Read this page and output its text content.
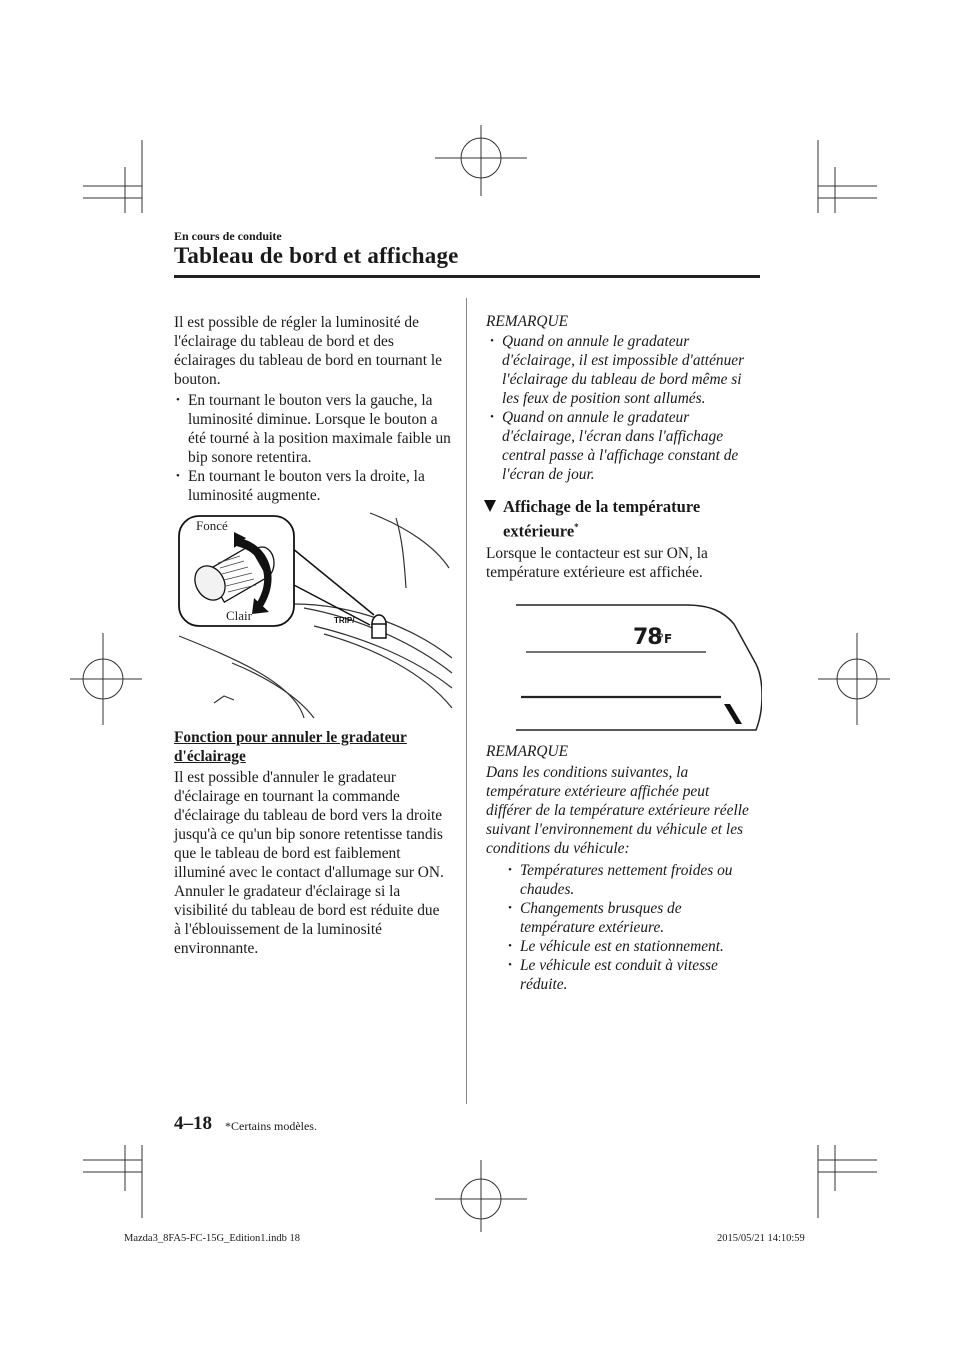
En cours de conduite
Tableau de bord et affichage
Il est possible de régler la luminosité de l'éclairage du tableau de bord et des éclairages du tableau de bord en tournant le bouton.
• En tournant le bouton vers la gauche, la luminosité diminue. Lorsque le bouton a été tourné à la position maximale faible un bip sonore retentira.
• En tournant le bouton vers la droite, la luminosité augmente.
TRIP/
Foncé
Clair
Fonction pour annuler le gradateur d'éclairage
Il est possible d'annuler le gradateur d'éclairage en tournant la commande d'éclairage du tableau de bord vers la droite jusqu'à ce qu'un bip sonore retentisse tandis que le tableau de bord est faiblement illuminé avec le contact d'allumage sur ON. Annuler le gradateur d'éclairage si la visibilité du tableau de bord est réduite due à l'éblouissement de la luminosité environnante.
REMARQUE
• Quand on annule le gradateur d'éclairage, il est impossible d'atténuer l'éclairage du tableau de bord même si les feux de position sont allumés.
• Quand on annule le gradateur d'éclairage, l'écran dans l'affichage central passe à l'affichage constant de l'écran de jour.
Affichage de la température extérieure*
Lorsque le contacteur est sur ON, la température extérieure est affichée.
78
°F
REMARQUE
Dans les conditions suivantes, la température extérieure affichée peut différer de la température extérieure réelle suivant l'environnement du véhicule et les conditions du véhicule:
• Températures nettement froides ou chaudes.
• Changements brusques de température extérieure.
• Le véhicule est en stationnement.
• Le véhicule est conduit à vitesse réduite.
4–18 *Certains modèles.
Mazda3_8FA5-FC-15G_Edition1.indb 18	2015/05/21 14:10:59
